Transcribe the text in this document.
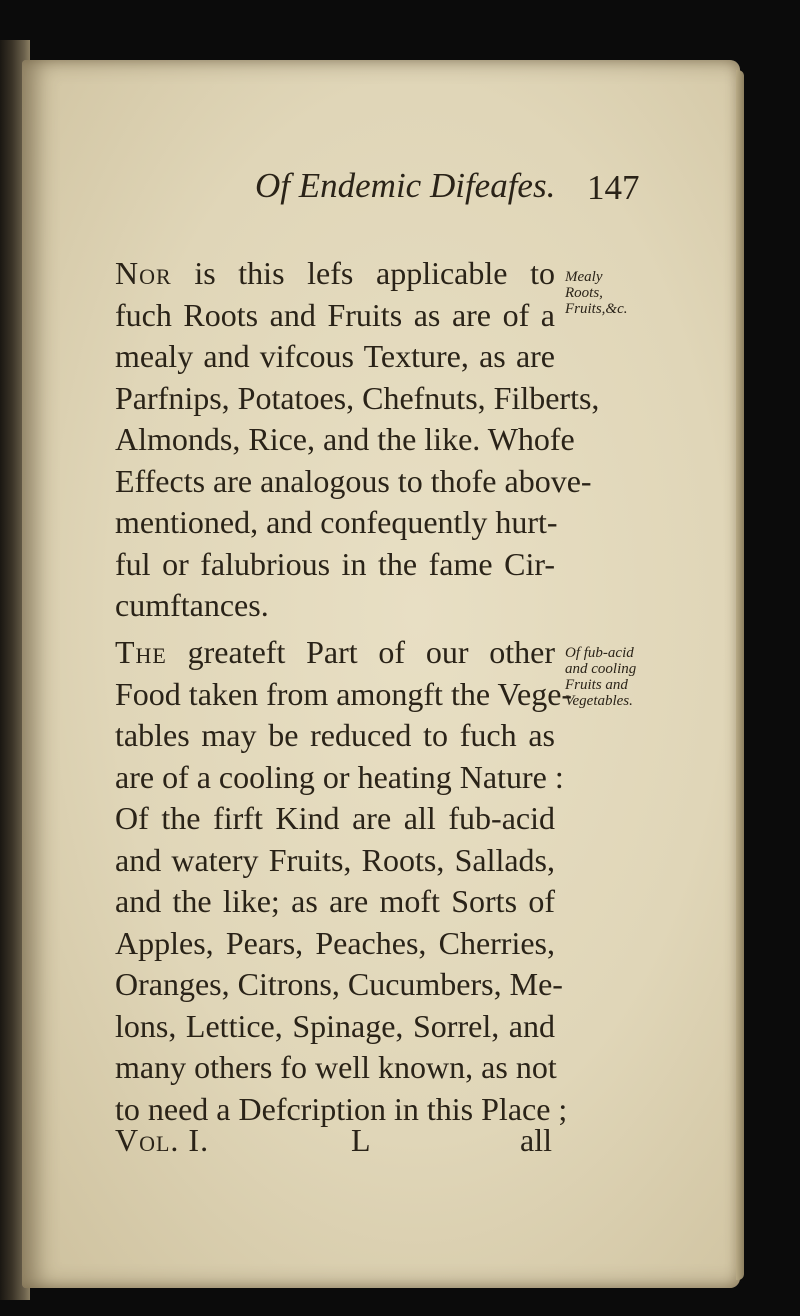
Of Endemic Difeafes. 147
Nor is this lefs applicable to
fuch Roots and Fruits as are of a
mealy and vifcous Texture, as are
Parfnips, Potatoes, Chefnuts, Filberts,
Almonds, Rice, and the like. Whofe
Effects are analogous to thofe above-
mentioned, and confequently hurt-
ful or falubrious in the fame Cir-
cumftances.
Mealy
Roots,
Fruits,&c.
The greateft Part of our other
Food taken from amongft the Vege-
tables may be reduced to fuch as
are of a cooling or heating Nature :
Of the firft Kind are all fub-acid
and watery Fruits, Roots, Sallads,
and the like; as are moft Sorts of
Apples, Pears, Peaches, Cherries,
Oranges, Citrons, Cucumbers, Me-
lons, Lettice, Spinage, Sorrel, and
many others fo well known, as not
to need a Defcription in this Place ;
Of fub-acid
and cooling
Fruits and
Vegetables.
Vol. I.	L	all
